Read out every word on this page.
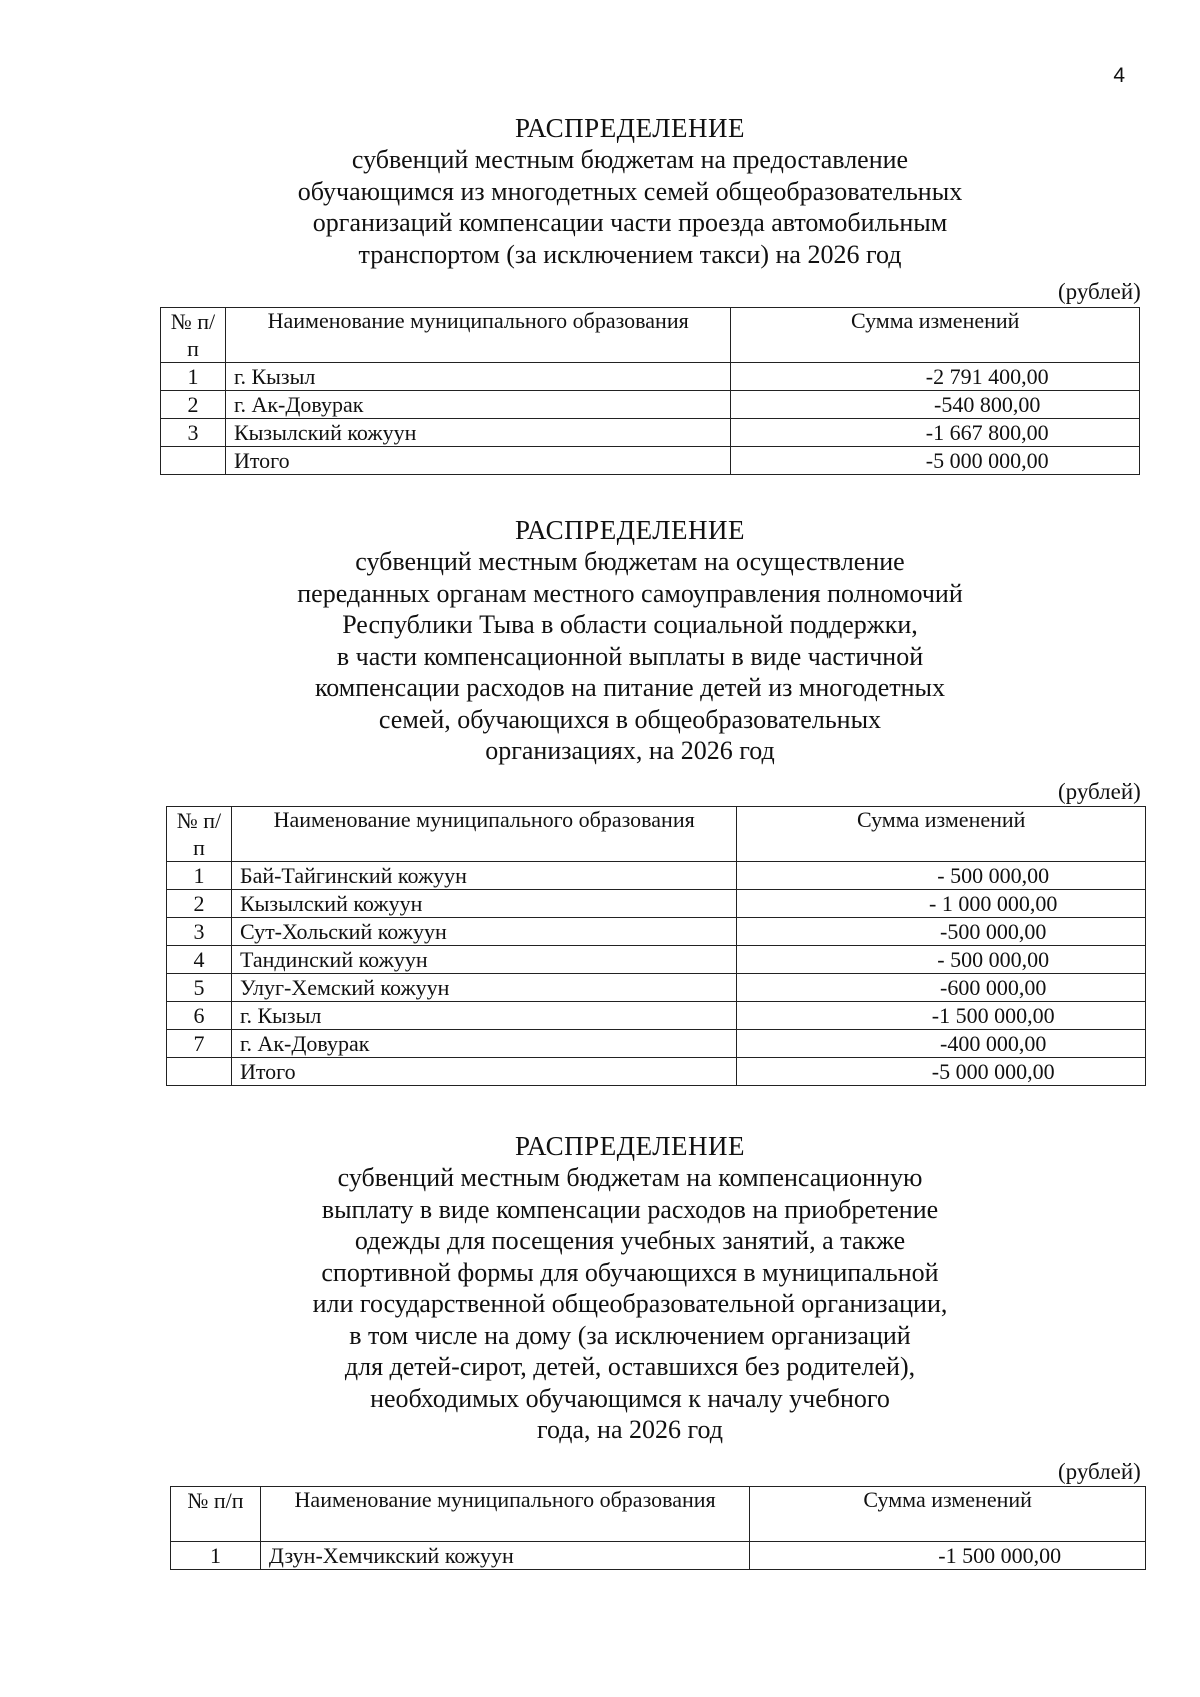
4
РАСПРЕДЕЛЕНИЕ
субвенций местным бюджетам на предоставление
обучающимся из многодетных семей общеобразовательных
организаций компенсации части проезда автомобильным
транспортом (за исключением такси) на 2026 год
(рублей)
№ п/п	Наименование муниципального образования	Сумма изменений
1	г. Кызыл	-2 791 400,00
2	г. Ак-Довурак	-540 800,00
3	Кызылский кожуун	-1 667 800,00
	Итого	-5 000 000,00
РАСПРЕДЕЛЕНИЕ
субвенций местным бюджетам на осуществление
переданных органам местного самоуправления полномочий
Республики Тыва в области социальной поддержки,
в части компенсационной выплаты в виде частичной
компенсации расходов на питание детей из многодетных
семей, обучающихся в общеобразовательных
организациях, на 2026 год
(рублей)
№ п/п	Наименование муниципального образования	Сумма изменений
1	Бай-Тайгинский кожуун	- 500 000,00
2	Кызылский кожуун	- 1 000 000,00
3	Сут-Хольский кожуун	-500 000,00
4	Тандинский кожуун	- 500 000,00
5	Улуг-Хемский кожуун	-600 000,00
6	г. Кызыл	-1 500 000,00
7	г. Ак-Довурак	-400 000,00
	Итого	-5 000 000,00
РАСПРЕДЕЛЕНИЕ
субвенций местным бюджетам на компенсационную
выплату в виде компенсации расходов на приобретение
одежды для посещения учебных занятий, а также
спортивной формы для обучающихся в муниципальной
или государственной общеобразовательной организации,
в том числе на дому (за исключением организаций
для детей-сирот, детей, оставшихся без родителей),
необходимых обучающимся к началу учебного
года, на 2026 год
(рублей)
№ п/п	Наименование муниципального образования	Сумма изменений
1	Дзун-Хемчикский кожуун	-1 500 000,00
